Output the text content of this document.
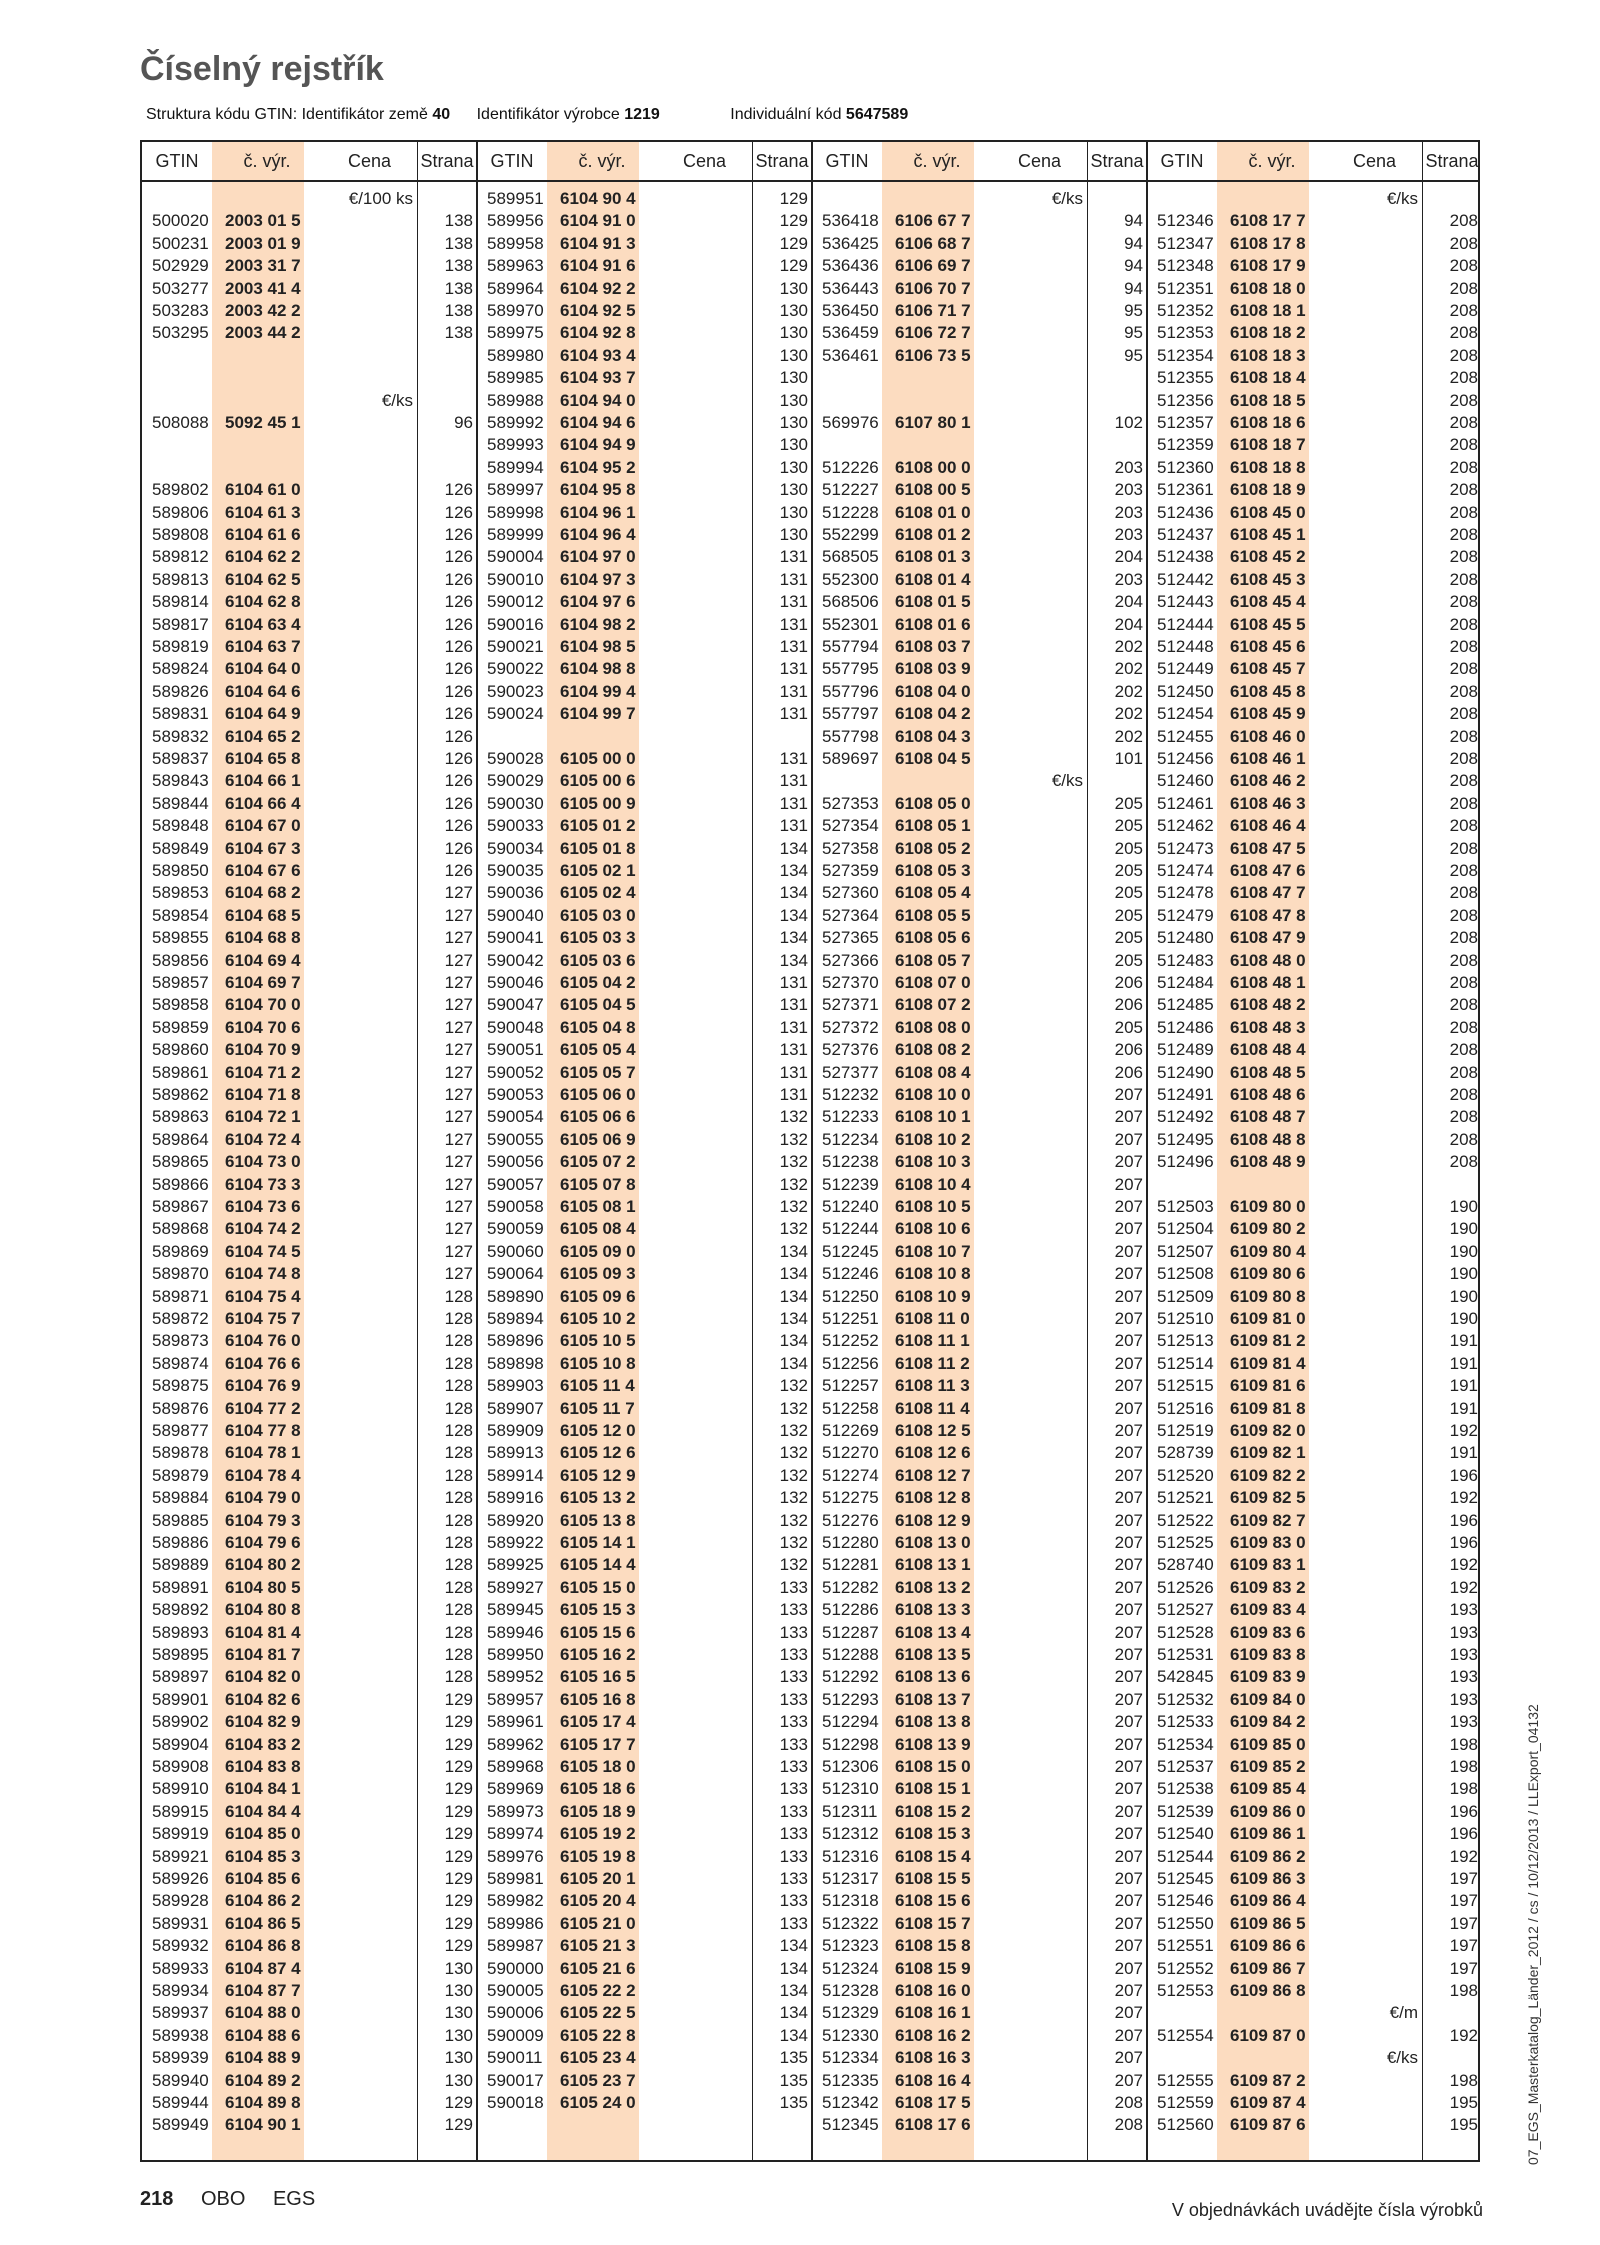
Číselný rejstřík
Struktura kódu GTIN: Identifikátor země 40 Identifikátor výrobce 1219	Individuální kód 5647589
GTIN	č. výr.	Cena	Strana
€/100 ks
500020 2003 01 5	138
500231 2003 01 9	138
502929 2003 31 7	138
503277 2003 41 4	138
503283 2003 42 2	138
503295 2003 44 2	138
€/ks
508088 5092 45 1	96
589802 6104 61 0	126
589806 6104 61 3	126
589808 6104 61 6	126
589812 6104 62 2	126
589813 6104 62 5	126
589814 6104 62 8	126
589817 6104 63 4	126
589819 6104 63 7	126
589824 6104 64 0	126
589826 6104 64 6	126
589831 6104 64 9	126
589832 6104 65 2	126
589837 6104 65 8	126
589843 6104 66 1	126
589844 6104 66 4	126
589848 6104 67 0	126
589849 6104 67 3	126
589850 6104 67 6	126
589853 6104 68 2	127
589854 6104 68 5	127
589855 6104 68 8	127
589856 6104 69 4	127
589857 6104 69 7	127
589858 6104 70 0	127
589859 6104 70 6	127
589860 6104 70 9	127
589861 6104 71 2	127
589862 6104 71 8	127
589863 6104 72 1	127
589864 6104 72 4	127
589865 6104 73 0	127
589866 6104 73 3	127
589867 6104 73 6	127
589868 6104 74 2	127
589869 6104 74 5	127
589870 6104 74 8	127
589871 6104 75 4	128
589872 6104 75 7	128
589873 6104 76 0	128
589874 6104 76 6	128
589875 6104 76 9	128
589876 6104 77 2	128
589877 6104 77 8	128
589878 6104 78 1	128
589879 6104 78 4	128
589884 6104 79 0	128
589885 6104 79 3	128
589886 6104 79 6	128
589889 6104 80 2	128
589891 6104 80 5	128
589892 6104 80 8	128
589893 6104 81 4	128
589895 6104 81 7	128
589897 6104 82 0	128
589901 6104 82 6	129
589902 6104 82 9	129
589904 6104 83 2	129
589908 6104 83 8	129
589910 6104 84 1	129
589915 6104 84 4	129
589919 6104 85 0	129
589921 6104 85 3	129
589926 6104 85 6	129
589928 6104 86 2	129
589931 6104 86 5	129
589932 6104 86 8	129
589933 6104 87 4	130
589934 6104 87 7	130
589937 6104 88 0	130
589938 6104 88 6	130
589939 6104 88 9	130
589940 6104 89 2	130
589944 6104 89 8	129
589949 6104 90 1	129
GTIN	č. výr.	Cena	Strana
589951 6104 90 4	129
589956 6104 91 0	129
589958 6104 91 3	129
589963 6104 91 6	129
589964 6104 92 2	130
589970 6104 92 5	130
589975 6104 92 8	130
589980 6104 93 4	130
589985 6104 93 7	130
589988 6104 94 0	130
589992 6104 94 6	130
589993 6104 94 9	130
589994 6104 95 2	130
589997 6104 95 8	130
589998 6104 96 1	130
589999 6104 96 4	130
590004 6104 97 0	131
590010 6104 97 3	131
590012 6104 97 6	131
590016 6104 98 2	131
590021 6104 98 5	131
590022 6104 98 8	131
590023 6104 99 4	131
590024 6104 99 7	131
590028 6105 00 0	131
590029 6105 00 6	131
590030 6105 00 9	131
590033 6105 01 2	131
590034 6105 01 8	134
590035 6105 02 1	134
590036 6105 02 4	134
590040 6105 03 0	134
590041 6105 03 3	134
590042 6105 03 6	134
590046 6105 04 2	131
590047 6105 04 5	131
590048 6105 04 8	131
590051 6105 05 4	131
590052 6105 05 7	131
590053 6105 06 0	131
590054 6105 06 6	132
590055 6105 06 9	132
590056 6105 07 2	132
590057 6105 07 8	132
590058 6105 08 1	132
590059 6105 08 4	132
590060 6105 09 0	134
590064 6105 09 3	134
589890 6105 09 6	134
589894 6105 10 2	134
589896 6105 10 5	134
589898 6105 10 8	134
589903 6105 11 4	132
589907 6105 11 7	132
589909 6105 12 0	132
589913 6105 12 6	132
589914 6105 12 9	132
589916 6105 13 2	132
589920 6105 13 8	132
589922 6105 14 1	132
589925 6105 14 4	132
589927 6105 15 0	133
589945 6105 15 3	133
589946 6105 15 6	133
589950 6105 16 2	133
589952 6105 16 5	133
589957 6105 16 8	133
589961 6105 17 4	133
589962 6105 17 7	133
589968 6105 18 0	133
589969 6105 18 6	133
589973 6105 18 9	133
589974 6105 19 2	133
589976 6105 19 8	133
589981 6105 20 1	133
589982 6105 20 4	133
589986 6105 21 0	133
589987 6105 21 3	134
590000 6105 21 6	134
590005 6105 22 2	134
590006 6105 22 5	134
590009 6105 22 8	134
590011 6105 23 4	135
590017 6105 23 7	135
590018 6105 24 0	135
GTIN	č. výr.	Cena	Strana
€/ks
536418 6106 67 7	94
536425 6106 68 7	94
536436 6106 69 7	94
536443 6106 70 7	94
536450 6106 71 7	95
536459 6106 72 7	95
536461 6106 73 5	95
569976 6107 80 1	102
512226 6108 00 0	203
512227 6108 00 5	203
512228 6108 01 0	203
552299 6108 01 2	203
568505 6108 01 3	204
552300 6108 01 4	203
568506 6108 01 5	204
552301 6108 01 6	204
557794 6108 03 7	202
557795 6108 03 9	202
557796 6108 04 0	202
557797 6108 04 2	202
557798 6108 04 3	202
589697 6108 04 5	101
€/ks
527353 6108 05 0	205
527354 6108 05 1	205
527358 6108 05 2	205
527359 6108 05 3	205
527360 6108 05 4	205
527364 6108 05 5	205
527365 6108 05 6	205
527366 6108 05 7	205
527370 6108 07 0	206
527371 6108 07 2	206
527372 6108 08 0	205
527376 6108 08 2	206
527377 6108 08 4	206
512232 6108 10 0	207
512233 6108 10 1	207
512234 6108 10 2	207
512238 6108 10 3	207
512239 6108 10 4	207
512240 6108 10 5	207
512244 6108 10 6	207
512245 6108 10 7	207
512246 6108 10 8	207
512250 6108 10 9	207
512251 6108 11 0	207
512252 6108 11 1	207
512256 6108 11 2	207
512257 6108 11 3	207
512258 6108 11 4	207
512269 6108 12 5	207
512270 6108 12 6	207
512274 6108 12 7	207
512275 6108 12 8	207
512276 6108 12 9	207
512280 6108 13 0	207
512281 6108 13 1	207
512282 6108 13 2	207
512286 6108 13 3	207
512287 6108 13 4	207
512288 6108 13 5	207
512292 6108 13 6	207
512293 6108 13 7	207
512294 6108 13 8	207
512298 6108 13 9	207
512306 6108 15 0	207
512310 6108 15 1	207
512311 6108 15 2	207
512312 6108 15 3	207
512316 6108 15 4	207
512317 6108 15 5	207
512318 6108 15 6	207
512322 6108 15 7	207
512323 6108 15 8	207
512324 6108 15 9	207
512328 6108 16 0	207
512329 6108 16 1	207
512330 6108 16 2	207
512334 6108 16 3	207
512335 6108 16 4	207
512342 6108 17 5	208
512345 6108 17 6	208
GTIN	č. výr.	Cena	Strana
€/ks
512346 6108 17 7	208
512347 6108 17 8	208
512348 6108 17 9	208
512351 6108 18 0	208
512352 6108 18 1	208
512353 6108 18 2	208
512354 6108 18 3	208
512355 6108 18 4	208
512356 6108 18 5	208
512357 6108 18 6	208
512359 6108 18 7	208
512360 6108 18 8	208
512361 6108 18 9	208
512436 6108 45 0	208
512437 6108 45 1	208
512438 6108 45 2	208
512442 6108 45 3	208
512443 6108 45 4	208
512444 6108 45 5	208
512448 6108 45 6	208
512449 6108 45 7	208
512450 6108 45 8	208
512454 6108 45 9	208
512455 6108 46 0	208
512456 6108 46 1	208
512460 6108 46 2	208
512461 6108 46 3	208
512462 6108 46 4	208
512473 6108 47 5	208
512474 6108 47 6	208
512478 6108 47 7	208
512479 6108 47 8	208
512480 6108 47 9	208
512483 6108 48 0	208
512484 6108 48 1	208
512485 6108 48 2	208
512486 6108 48 3	208
512489 6108 48 4	208
512490 6108 48 5	208
512491 6108 48 6	208
512492 6108 48 7	208
512495 6108 48 8	208
512496 6108 48 9	208
512503 6109 80 0	190
512504 6109 80 2	190
512507 6109 80 4	190
512508 6109 80 6	190
512509 6109 80 8	190
512510 6109 81 0	190
512513 6109 81 2	191
512514 6109 81 4	191
512515 6109 81 6	191
512516 6109 81 8	191
512519 6109 82 0	192
528739 6109 82 1	191
512520 6109 82 2	196
512521 6109 82 5	192
512522 6109 82 7	196
512525 6109 83 0	196
528740 6109 83 1	192
512526 6109 83 2	192
512527 6109 83 4	193
512528 6109 83 6	193
512531 6109 83 8	193
542845 6109 83 9	193
512532 6109 84 0	193
512533 6109 84 2	193
512534 6109 85 0	198
512537 6109 85 2	198
512538 6109 85 4	198
512539 6109 86 0	196
512540 6109 86 1	196
512544 6109 86 2	192
512545 6109 86 3	197
512546 6109 86 4	197
512550 6109 86 5	197
512551 6109 86 6	197
512552 6109 86 7	197
512553 6109 86 8	198
€/m
512554 6109 87 0	192
€/ks
512555 6109 87 2	198
512559 6109 87 4	195
512560 6109 87 6	195
218 OBO EGS	V objednávkách uvádějte čísla výrobků
07_EGS_Masterkatalog_Länder_2012 / cs / 10/12/2013 / LLExport_04132
